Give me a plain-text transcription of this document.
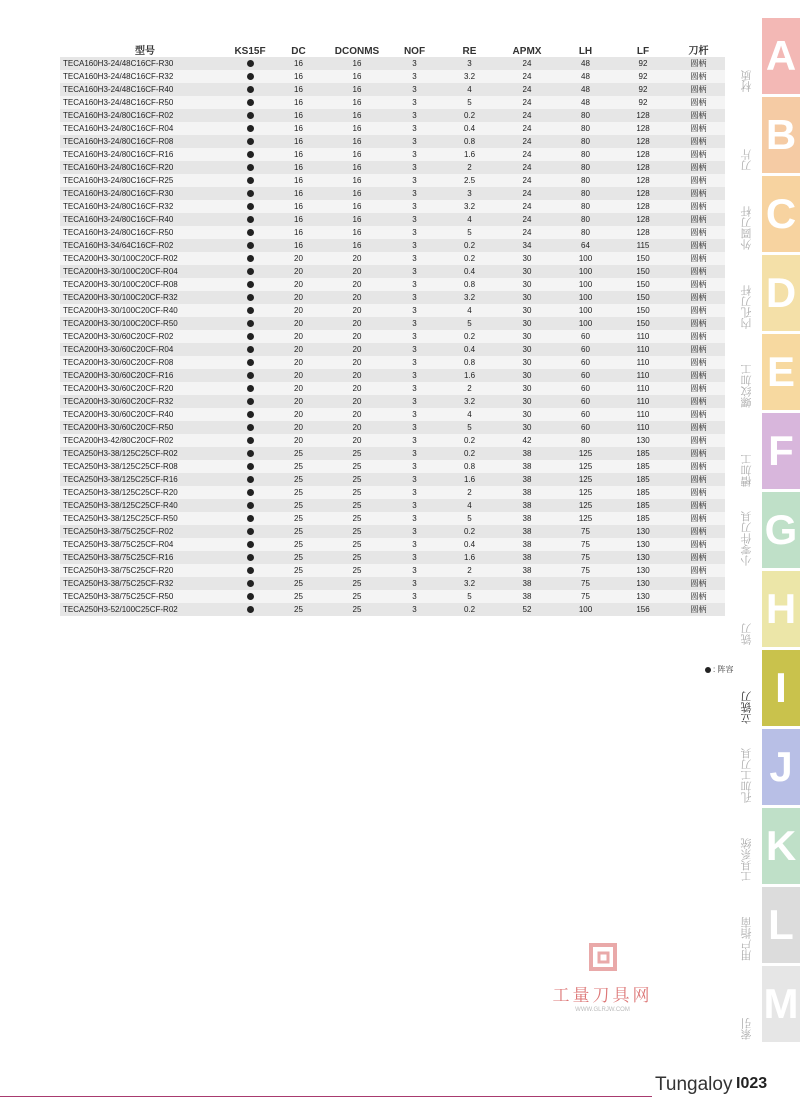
型号	KS15F	DC	DCONMS	NOF	RE	APMX	LH	LF	刀杆
TECA160H3-24/48C16CF-R30		16	16	3	3	24	48	92	圆柄
TECA160H3-24/48C16CF-R32		16	16	3	3.2	24	48	92	圆柄
TECA160H3-24/48C16CF-R40		16	16	3	4	24	48	92	圆柄
TECA160H3-24/48C16CF-R50		16	16	3	5	24	48	92	圆柄
TECA160H3-24/80C16CF-R02		16	16	3	0.2	24	80	128	圆柄
TECA160H3-24/80C16CF-R04		16	16	3	0.4	24	80	128	圆柄
TECA160H3-24/80C16CF-R08		16	16	3	0.8	24	80	128	圆柄
TECA160H3-24/80C16CF-R16		16	16	3	1.6	24	80	128	圆柄
TECA160H3-24/80C16CF-R20		16	16	3	2	24	80	128	圆柄
TECA160H3-24/80C16CF-R25		16	16	3	2.5	24	80	128	圆柄
TECA160H3-24/80C16CF-R30		16	16	3	3	24	80	128	圆柄
TECA160H3-24/80C16CF-R32		16	16	3	3.2	24	80	128	圆柄
TECA160H3-24/80C16CF-R40		16	16	3	4	24	80	128	圆柄
TECA160H3-24/80C16CF-R50		16	16	3	5	24	80	128	圆柄
TECA160H3-34/64C16CF-R02		16	16	3	0.2	34	64	115	圆柄
TECA200H3-30/100C20CF-R02		20	20	3	0.2	30	100	150	圆柄
TECA200H3-30/100C20CF-R04		20	20	3	0.4	30	100	150	圆柄
TECA200H3-30/100C20CF-R08		20	20	3	0.8	30	100	150	圆柄
TECA200H3-30/100C20CF-R32		20	20	3	3.2	30	100	150	圆柄
TECA200H3-30/100C20CF-R40		20	20	3	4	30	100	150	圆柄
TECA200H3-30/100C20CF-R50		20	20	3	5	30	100	150	圆柄
TECA200H3-30/60C20CF-R02		20	20	3	0.2	30	60	110	圆柄
TECA200H3-30/60C20CF-R04		20	20	3	0.4	30	60	110	圆柄
TECA200H3-30/60C20CF-R08		20	20	3	0.8	30	60	110	圆柄
TECA200H3-30/60C20CF-R16		20	20	3	1.6	30	60	110	圆柄
TECA200H3-30/60C20CF-R20		20	20	3	2	30	60	110	圆柄
TECA200H3-30/60C20CF-R32		20	20	3	3.2	30	60	110	圆柄
TECA200H3-30/60C20CF-R40		20	20	3	4	30	60	110	圆柄
TECA200H3-30/60C20CF-R50		20	20	3	5	30	60	110	圆柄
TECA200H3-42/80C20CF-R02		20	20	3	0.2	42	80	130	圆柄
TECA250H3-38/125C25CF-R02		25	25	3	0.2	38	125	185	圆柄
TECA250H3-38/125C25CF-R08		25	25	3	0.8	38	125	185	圆柄
TECA250H3-38/125C25CF-R16		25	25	3	1.6	38	125	185	圆柄
TECA250H3-38/125C25CF-R20		25	25	3	2	38	125	185	圆柄
TECA250H3-38/125C25CF-R40		25	25	3	4	38	125	185	圆柄
TECA250H3-38/125C25CF-R50		25	25	3	5	38	125	185	圆柄
TECA250H3-38/75C25CF-R02		25	25	3	0.2	38	75	130	圆柄
TECA250H3-38/75C25CF-R04		25	25	3	0.4	38	75	130	圆柄
TECA250H3-38/75C25CF-R16		25	25	3	1.6	38	75	130	圆柄
TECA250H3-38/75C25CF-R20		25	25	3	2	38	75	130	圆柄
TECA250H3-38/75C25CF-R32		25	25	3	3.2	38	75	130	圆柄
TECA250H3-38/75C25CF-R50		25	25	3	5	38	75	130	圆柄
TECA250H3-52/100C25CF-R02		25	25	3	0.2	52	100	156	圆柄
: 阵容
材质
A
刀片
B
外圆刀杆 C
内孔刀杆 D
螺纹加工 E
槽加工 F
小零件刀具 G
铣刀
H
立铣刀 I
孔加工刀具 J
工具系统 K
用户指南 L
索引
M
工量刀具网
WWW.GLRJW.COM
Tungaloy I023
